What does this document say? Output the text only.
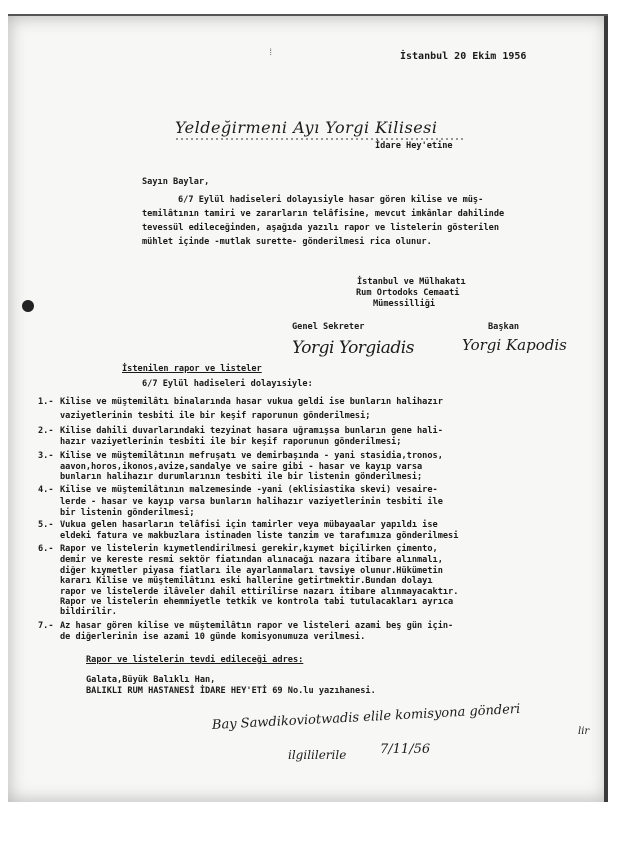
⁞	İstanbul 20 Ekim 1956
Yeldeğirmeni Ayı Yorgi Kilisesi
İdare Hey'etine
Sayın Baylar,
6/7 Eylül hadiseleri dolayısiyle hasar gören kilise ve müş-
temilâtının tamiri ve zararların telâfisine, mevcut imkânlar dahilinde
tevessül edileceğinden, aşağıda yazılı rapor ve listelerin gösterilen
mühlet içinde -mutlak surette- gönderilmesi rica olunur.
İstanbul ve Mülhakatı
Rum Ortodoks Cemaati
Mümessilliği
Genel Sekreter	Başkan
Yorgi Yorgiadis	Yorgi Kapodis
İstenilen rapor ve listeler
6/7 Eylül hadiseleri dolayısiyle:
1.- Kilise ve müştemilâtı binalarında hasar vukua geldi ise bunların halihazır
vaziyetlerinin tesbiti ile bir keşif raporunun gönderilmesi;
2.- Kilise dahili duvarlarındaki tezyinat hasara uğramışsa bunların gene hali-
hazır vaziyetlerinin tesbiti ile bir keşif raporunun gönderilmesi;
3.- Kilise ve müştemilâtının mefruşatı ve demirbaşında - yani stasidia,tronos,
aavon,horos,ikonos,avize,sandalye ve saire gibi - hasar ve kayıp varsa
bunların halihazır durumlarının tesbiti ile bir listenin gönderilmesi;
4.- Kilise ve müştemilâtının malzemesinde -yani (eklisiastika skevi) vesaire-
lerde - hasar ve kayıp varsa bunların halihazır vaziyetlerinin tesbiti ile
bir listenin gönderilmesi;
5.- Vukua gelen hasarların telâfisi için tamirler veya mübayaalar yapıldı ise
eldeki fatura ve makbuzlara istinaden liste tanzim ve tarafımıza gönderilmesi
6.- Rapor ve listelerin kıymetlendirilmesi gerekir,kıymet biçilirken çimento,
demir ve kereste resmi sektör fiatından alınacağı nazara itibare alınmalı,
diğer kıymetler piyasa fiatları ile ayarlanmaları tavsiye olunur.Hükümetin
kararı Kilise ve müştemilâtını eski hallerine getirtmektir.Bundan dolayı
rapor ve listelerde ilâveler dahil ettirilirse nazarı itibare alınmayacaktır.
Rapor ve listelerin ehemmiyetle tetkik ve kontrola tabi tutulacakları ayrıca
bildirilir.
7.- Az hasar gören kilise ve müştemilâtın rapor ve listeleri azami beş gün için-
de diğerlerinin ise azami 10 günde komisyonumuza verilmesi.
Rapor ve listelerin tevdi edileceği adres:
Galata,Büyük Balıklı Han,
BALIKLI RUM HASTANESİ İDARE HEY'ETİ 69 No.lu yazıhanesi.
Bay Sawdikoviotwadis elile komisyona gönderi	lir
ilgililerile	7/11/56
